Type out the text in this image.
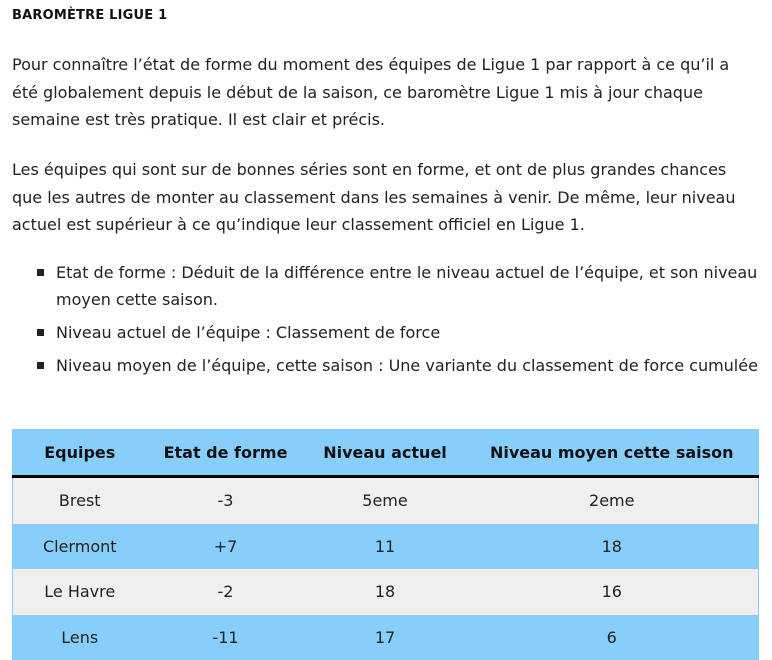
BAROMÈTRE LIGUE 1
Pour connaître l’état de forme du moment des équipes de Ligue 1 par rapport à ce qu’il a été globalement depuis le début de la saison, ce baromètre Ligue 1 mis à jour chaque semaine est très pratique. Il est clair et précis.
Les équipes qui sont sur de bonnes séries sont en forme, et ont de plus grandes chances que les autres de monter au classement dans les semaines à venir. De même, leur niveau actuel est supérieur à ce qu’indique leur classement officiel en Ligue 1.
Etat de forme : Déduit de la différence entre le niveau actuel de l’équipe, et son niveau moyen cette saison.
Niveau actuel de l’équipe : Classement de force
Niveau moyen de l’équipe, cette saison : Une variante du classement de force cumulée
Equipes	Etat de forme	Niveau actuel	Niveau moyen cette saison
Brest	-3	5eme	2eme
Clermont	+7	11	18
Le Havre	-2	18	16
Lens	-11	17	6
